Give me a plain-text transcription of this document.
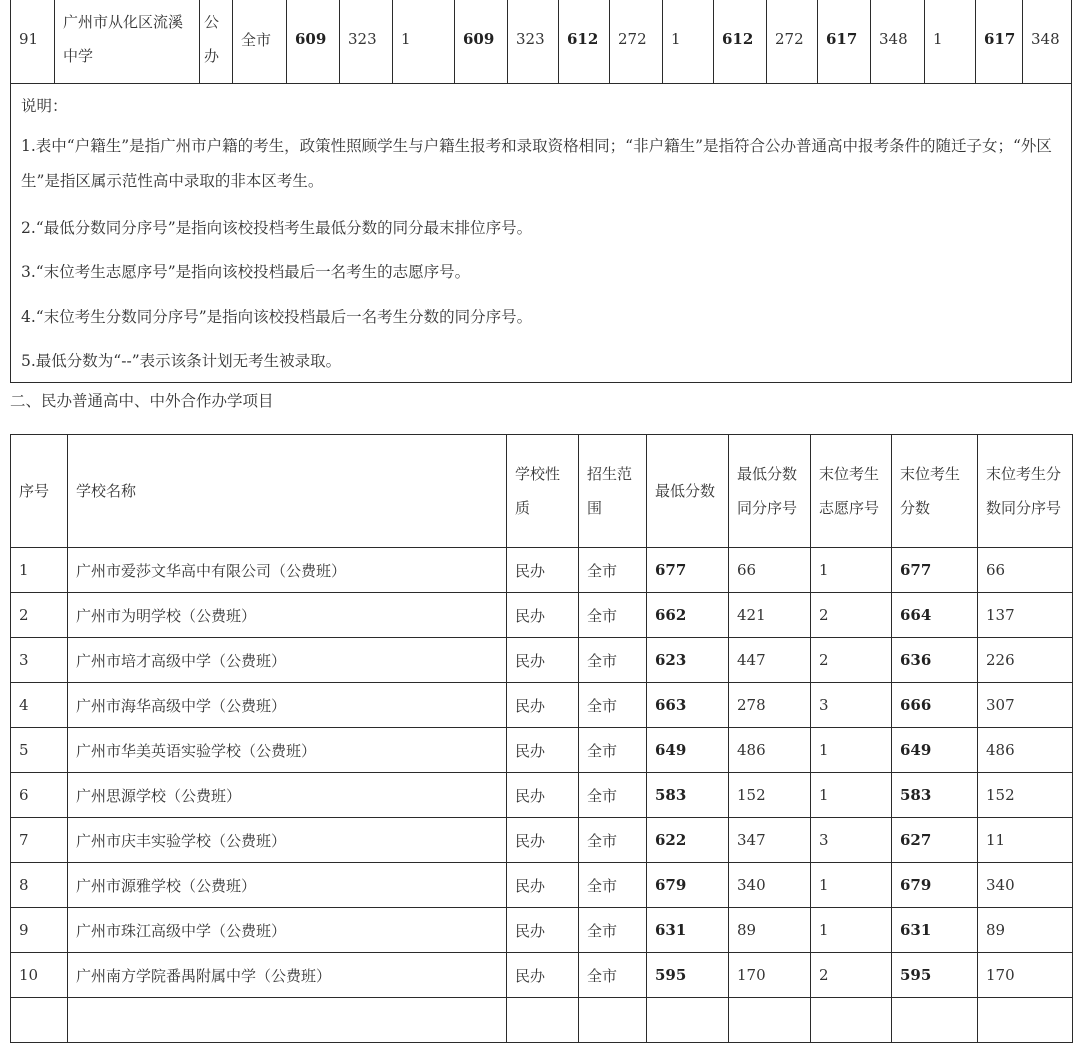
91	广州市从化区流溪中学	公办	全市	609	323	1	609	323	612	272	1	612	272	617	348	1	617	348

说明：

1.表中“户籍生”是指广州市户籍的考生，政策性照顾学生与户籍生报考和录取资格相同；“非户籍生”是指符合公办普通高中报考条件的随迁子女；“外区生”是指区属示范性高中录取的非本区考生。

2.“最低分数同分序号”是指向该校投档考生最低分数的同分最末排位序号。

3.“末位考生志愿序号”是指向该校投档最后一名考生的志愿序号。

4.“末位考生分数同分序号”是指向该校投档最后一名考生分数的同分序号。

5.最低分数为“--”表示该条计划无考生被录取。

二、民办普通高中、中外合作办学项目

序号	学校名称	学校性质	招生范围	最低分数	最低分数同分序号	末位考生志愿序号	末位考生分数	末位考生分数同分序号
1	广州市爱莎文华高中有限公司（公费班）	民办	全市	677	66	1	677	66
2	广州市为明学校（公费班）	民办	全市	662	421	2	664	137
3	广州市培才高级中学（公费班）	民办	全市	623	447	2	636	226
4	广州市海华高级中学（公费班）	民办	全市	663	278	3	666	307
5	广州市华美英语实验学校（公费班）	民办	全市	649	486	1	649	486
6	广州思源学校（公费班）	民办	全市	583	152	1	583	152
7	广州市庆丰实验学校（公费班）	民办	全市	622	347	3	627	11
8	广州市源雅学校（公费班）	民办	全市	679	340	1	679	340
9	广州市珠江高级中学（公费班）	民办	全市	631	89	1	631	89
10	广州南方学院番禺附属中学（公费班）	民办	全市	595	170	2	595	170
